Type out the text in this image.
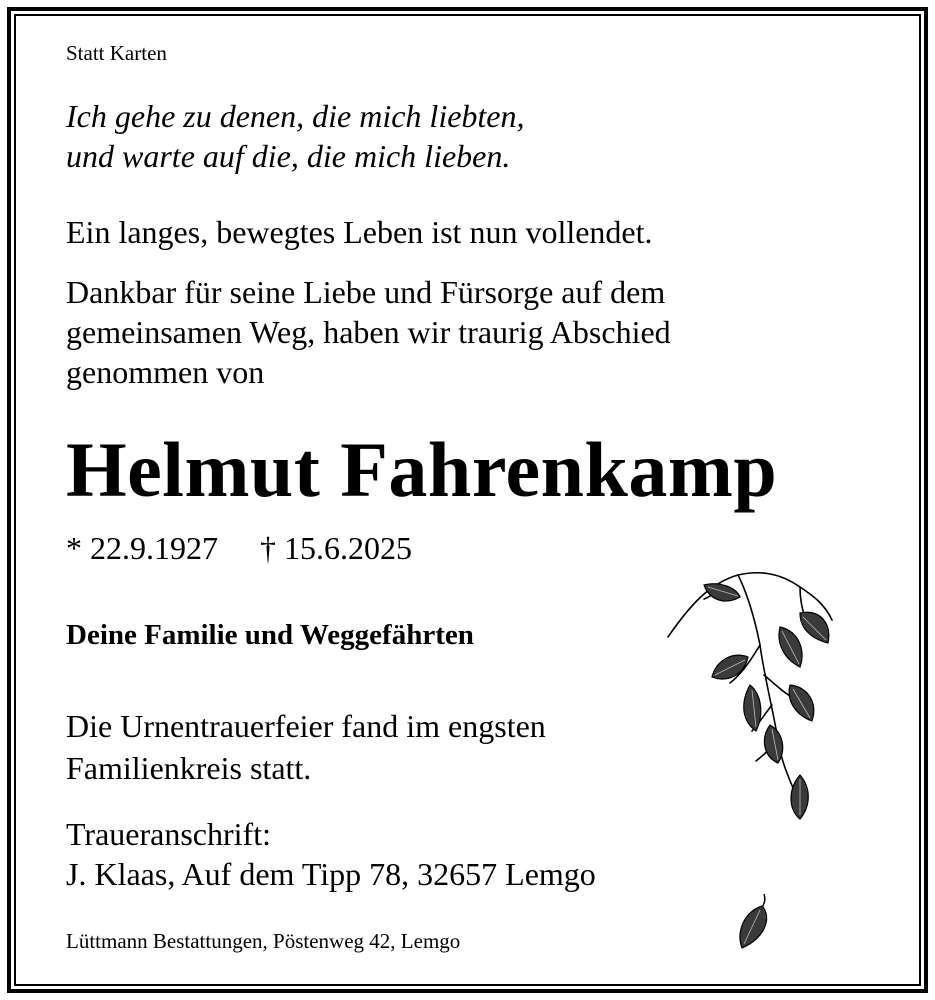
Statt Karten

Ich gehe zu denen, die mich liebten,

und warte auf die, die mich lieben.

Ein langes, bewegtes Leben ist nun vollendet.

Dankbar für seine Liebe und Fürsorge auf dem

gemeinsamen Weg, haben wir traurig Abschied

genommen von

Helmut Fahrenkamp

* 22.9.1927 † 15.6.2025

Deine Familie und Weggefährten

Die Urnentrauerfeier fand im engsten

Familienkreis statt.

Traueranschrift:

J. Klaas, Auf dem Tipp 78, 32657 Lemgo

Lüttmann Bestattungen, Pöstenweg 42, Lemgo
